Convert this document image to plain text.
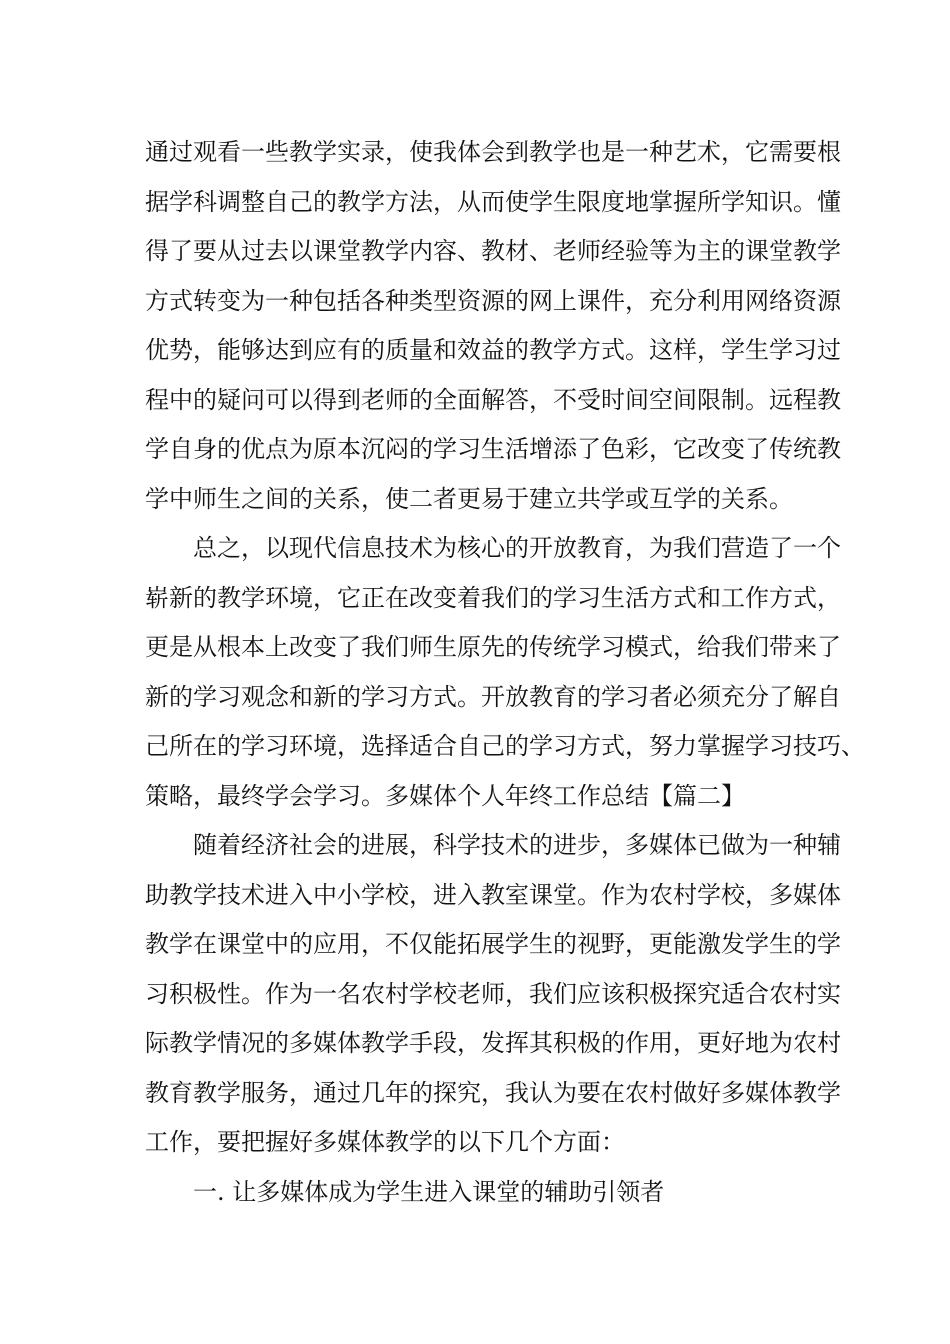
通过观看一些教学实录，使我体会到教学也是一种艺术，它需要根
据学科调整自己的教学方法，从而使学生限度地掌握所学知识。懂
得了要从过去以课堂教学内容、教材、老师经验等为主的课堂教学
方式转变为一种包括各种类型资源的网上课件，充分利用网络资源
优势，能够达到应有的质量和效益的教学方式。这样，学生学习过
程中的疑问可以得到老师的全面解答，不受时间空间限制。远程教
学自身的优点为原本沉闷的学习生活增添了色彩，它改变了传统教
学中师生之间的关系，使二者更易于建立共学或互学的关系。
总之，以现代信息技术为核心的开放教育，为我们营造了一个
崭新的教学环境，它正在改变着我们的学习生活方式和工作方式，
更是从根本上改变了我们师生原先的传统学习模式，给我们带来了
新的学习观念和新的学习方式。开放教育的学习者必须充分了解自
己所在的学习环境，选择适合自己的学习方式，努力掌握学习技巧、
策略，最终学会学习。多媒体个人年终工作总结【篇二】
随着经济社会的进展，科学技术的进步，多媒体已做为一种辅
助教学技术进入中小学校，进入教室课堂。作为农村学校，多媒体
教学在课堂中的应用，不仅能拓展学生的视野，更能激发学生的学
习积极性。作为一名农村学校老师，我们应该积极探究适合农村实
际教学情况的多媒体教学手段，发挥其积极的作用，更好地为农村
教育教学服务，通过几年的探究，我认为要在农村做好多媒体教学
工作，要把握好多媒体教学的以下几个方面：
一. 让多媒体成为学生进入课堂的辅助引领者
